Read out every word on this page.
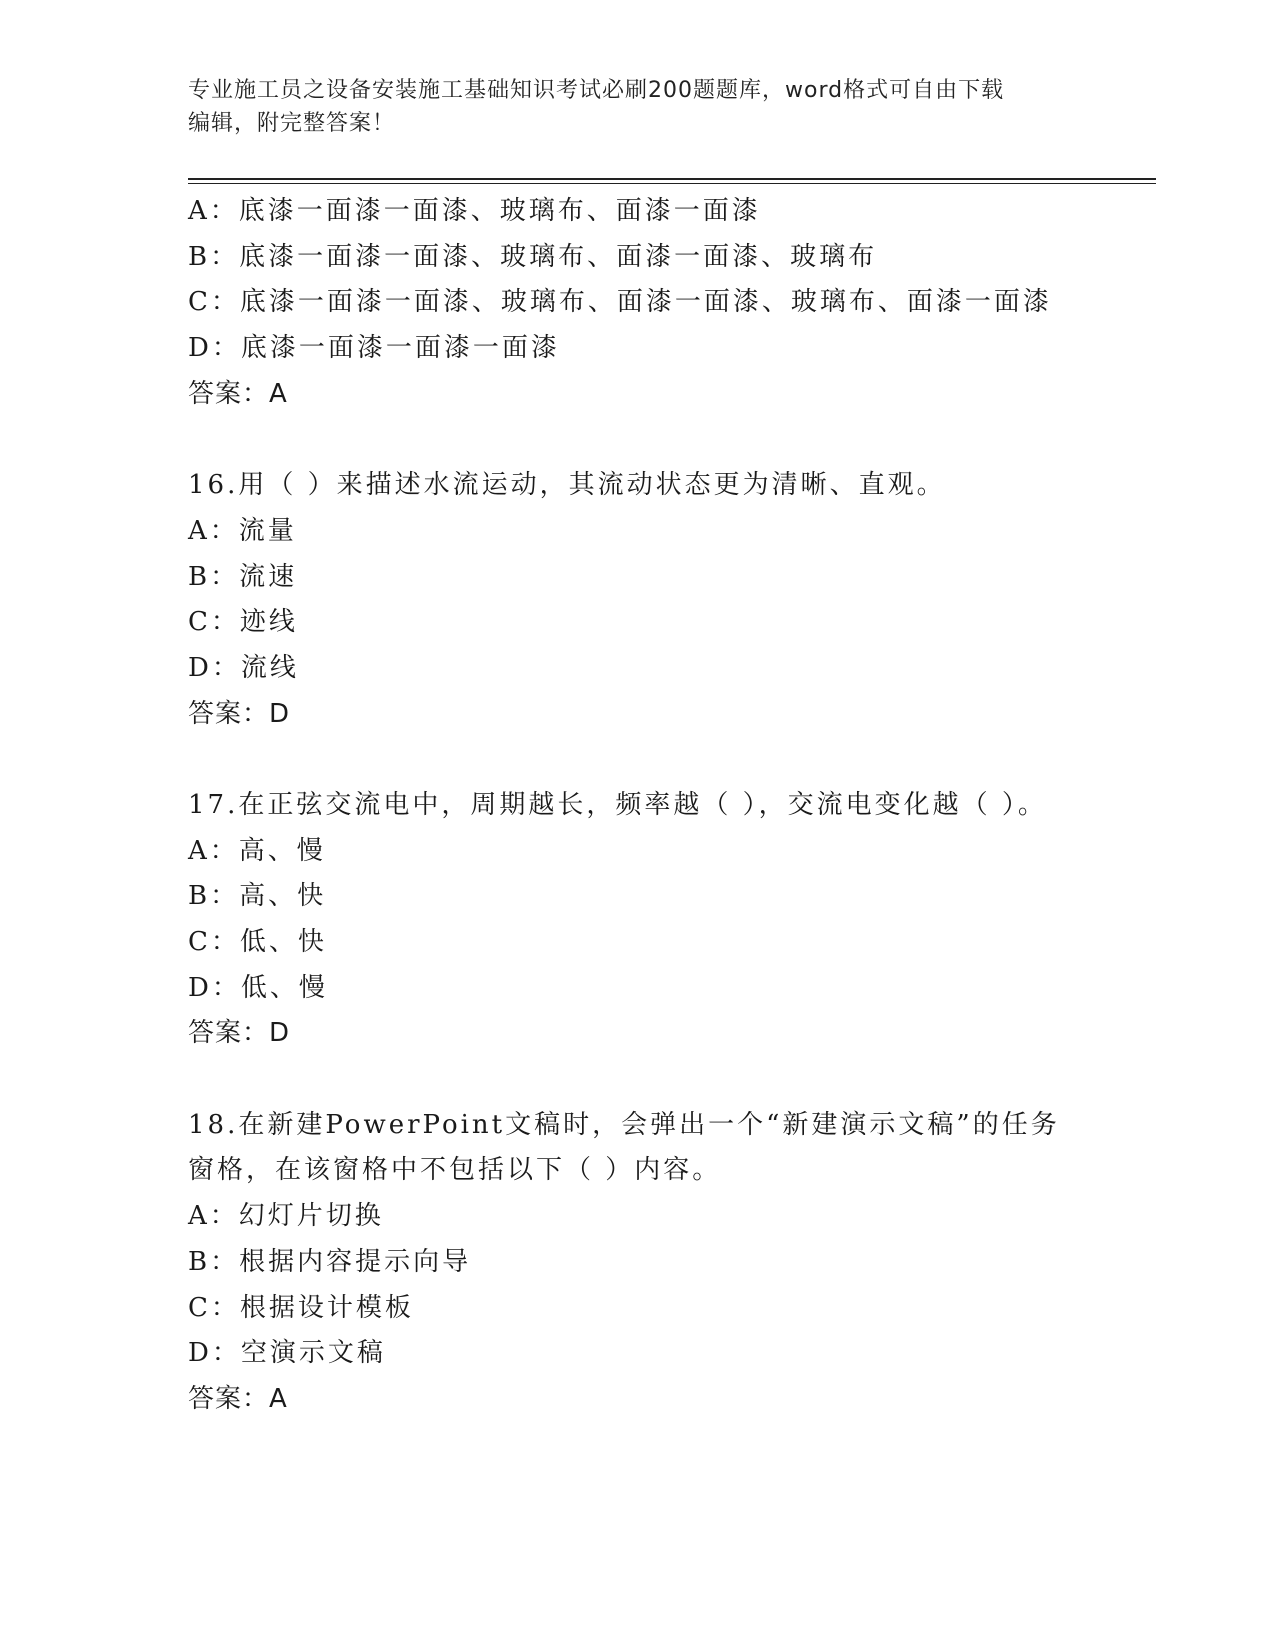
专业施工员之设备安装施工基础知识考试必刷200题题库，word格式可自由下载
编辑，附完整答案！
A：底漆一面漆一面漆、玻璃布、面漆一面漆
B：底漆一面漆一面漆、玻璃布、面漆一面漆、玻璃布
C：底漆一面漆一面漆、玻璃布、面漆一面漆、玻璃布、面漆一面漆
D：底漆一面漆一面漆一面漆
答案：A
16.用（ ）来描述水流运动，其流动状态更为清晰、直观。
A：流量
B：流速
C：迹线
D：流线
答案：D
17.在正弦交流电中，周期越长，频率越（ ），交流电变化越（ ）。
A：高、慢
B：高、快
C：低、快
D：低、慢
答案：D
18.在新建PowerPoint文稿时，会弹出一个“新建演示文稿”的任务
窗格，在该窗格中不包括以下（ ）内容。
A：幻灯片切换
B：根据内容提示向导
C：根据设计模板
D：空演示文稿
答案：A
